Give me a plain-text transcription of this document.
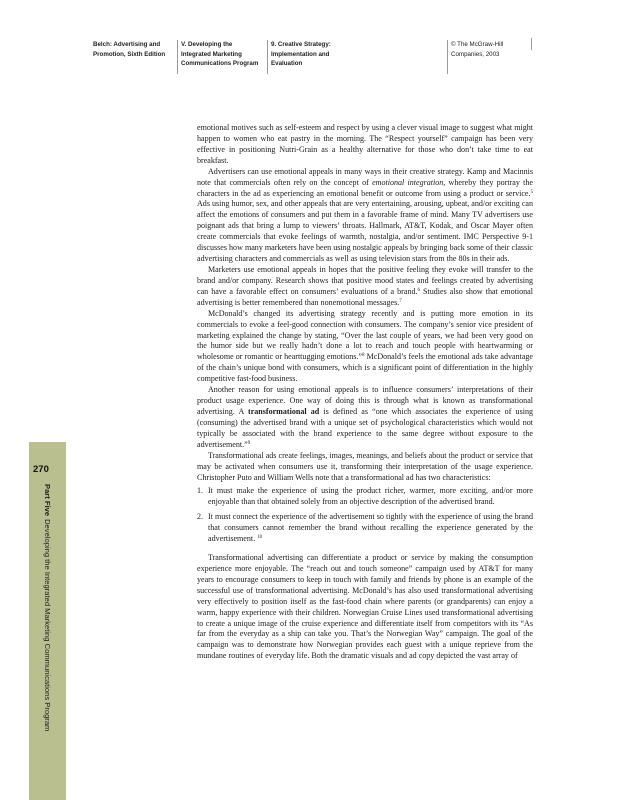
Belch: Advertising and
Promotion, Sixth Edition
V. Developing the
Integrated Marketing
Communications Program
9. Creative Strategy:
Implementation and
Evaluation
© The McGraw-Hill
Companies, 2003
270
Part FiveDeveloping the Integrated Marketing Communications Program

emotional motives such as self-esteem and respect by using a clever visual image to suggest what might happen to women who eat pastry in the morning. The “Respect yourself” campaign has been very effective in positioning Nutri-Grain as a healthy alternative for those who don’t take time to eat breakfast.

Advertisers can use emotional appeals in many ways in their creative strategy. Kamp and Macinnis note that commercials often rely on the concept of emotional integration, whereby they portray the characters in the ad as experiencing an emotional benefit or outcome from using a product or service.$^5$ Ads using humor, sex, and other appeals that are very entertaining, arousing, upbeat, and/or exciting can affect the emotions of consumers and put them in a favorable frame of mind. Many TV advertisers use poignant ads that bring a lump to viewers’ throats. Hallmark, AT&T, Kodak, and Oscar Mayer often create commercials that evoke feelings of warmth, nostalgia, and/or sentiment. IMC Perspective 9-1 discusses how many marketers have been using nostalgic appeals by bringing back some of their classic advertising characters and commercials as well as using television stars from the 80s in their ads.

Marketers use emotional appeals in hopes that the positive feeling they evoke will transfer to the brand and/or company. Research shows that positive mood states and feelings created by advertising can have a favorable effect on consumers’ evaluations of a brand.$^6$ Studies also show that emotional advertising is better remembered than nonemotional messages.$^7$

McDonald’s changed its advertising strategy recently and is putting more emotion in its commercials to evoke a feel-good connection with consumers. The company’s senior vice president of marketing explained the change by stating, “Over the last couple of years, we had been very good on the humor side but we really hadn’t done a lot to reach and touch people with heartwarming or wholesome or romantic or hearttugging emotions.”$^8$ McDonald’s feels the emotional ads take advantage of the chain’s unique bond with consumers, which is a significant point of differentiation in the highly competitive fast-food business.

Another reason for using emotional appeals is to influence consumers’ interpretations of their product usage experience. One way of doing this is through what is known as transformational advertising. A transformational ad is defined as “one which associates the experience of using (consuming) the advertised brand with a unique set of psychological characteristics which would not typically be associated with the brand experience to the same degree without exposure to the advertisement.”$^9$

Transformational ads create feelings, images, meanings, and beliefs about the product or service that may be activated when consumers use it, transforming their interpretation of the usage experience. Christopher Puto and William Wells note that a transformational ad has two characteristics:

1. It must make the experience of using the product richer, warmer, more exciting, and/or more enjoyable than that obtained solely from an objective description of the advertised brand.
2. It must connect the experience of the advertisement so tightly with the experience of using the brand that consumers cannot remember the brand without recalling the experience generated by the advertisement. $^{10}$

Transformational advertising can differentiate a product or service by making the consumption experience more enjoyable. The “reach out and touch someone” campaign used by AT&T for many years to encourage consumers to keep in touch with family and friends by phone is an example of the successful use of transformational advertising. McDonald’s has also used transformational advertising very effectively to position itself as the fast-food chain where parents (or grandparents) can enjoy a warm, happy experience with their children. Norwegian Cruise Lines used transformational advertising to create a unique image of the cruise experience and differentiate itself from competitors with its “As far from the everyday as a ship can take you. That’s the Norwegian Way” campaign. The goal of the campaign was to demonstrate how Norwegian provides each guest with a unique reprieve from the mundane routines of everyday life. Both the dramatic visuals and ad copy depicted the vast array of
